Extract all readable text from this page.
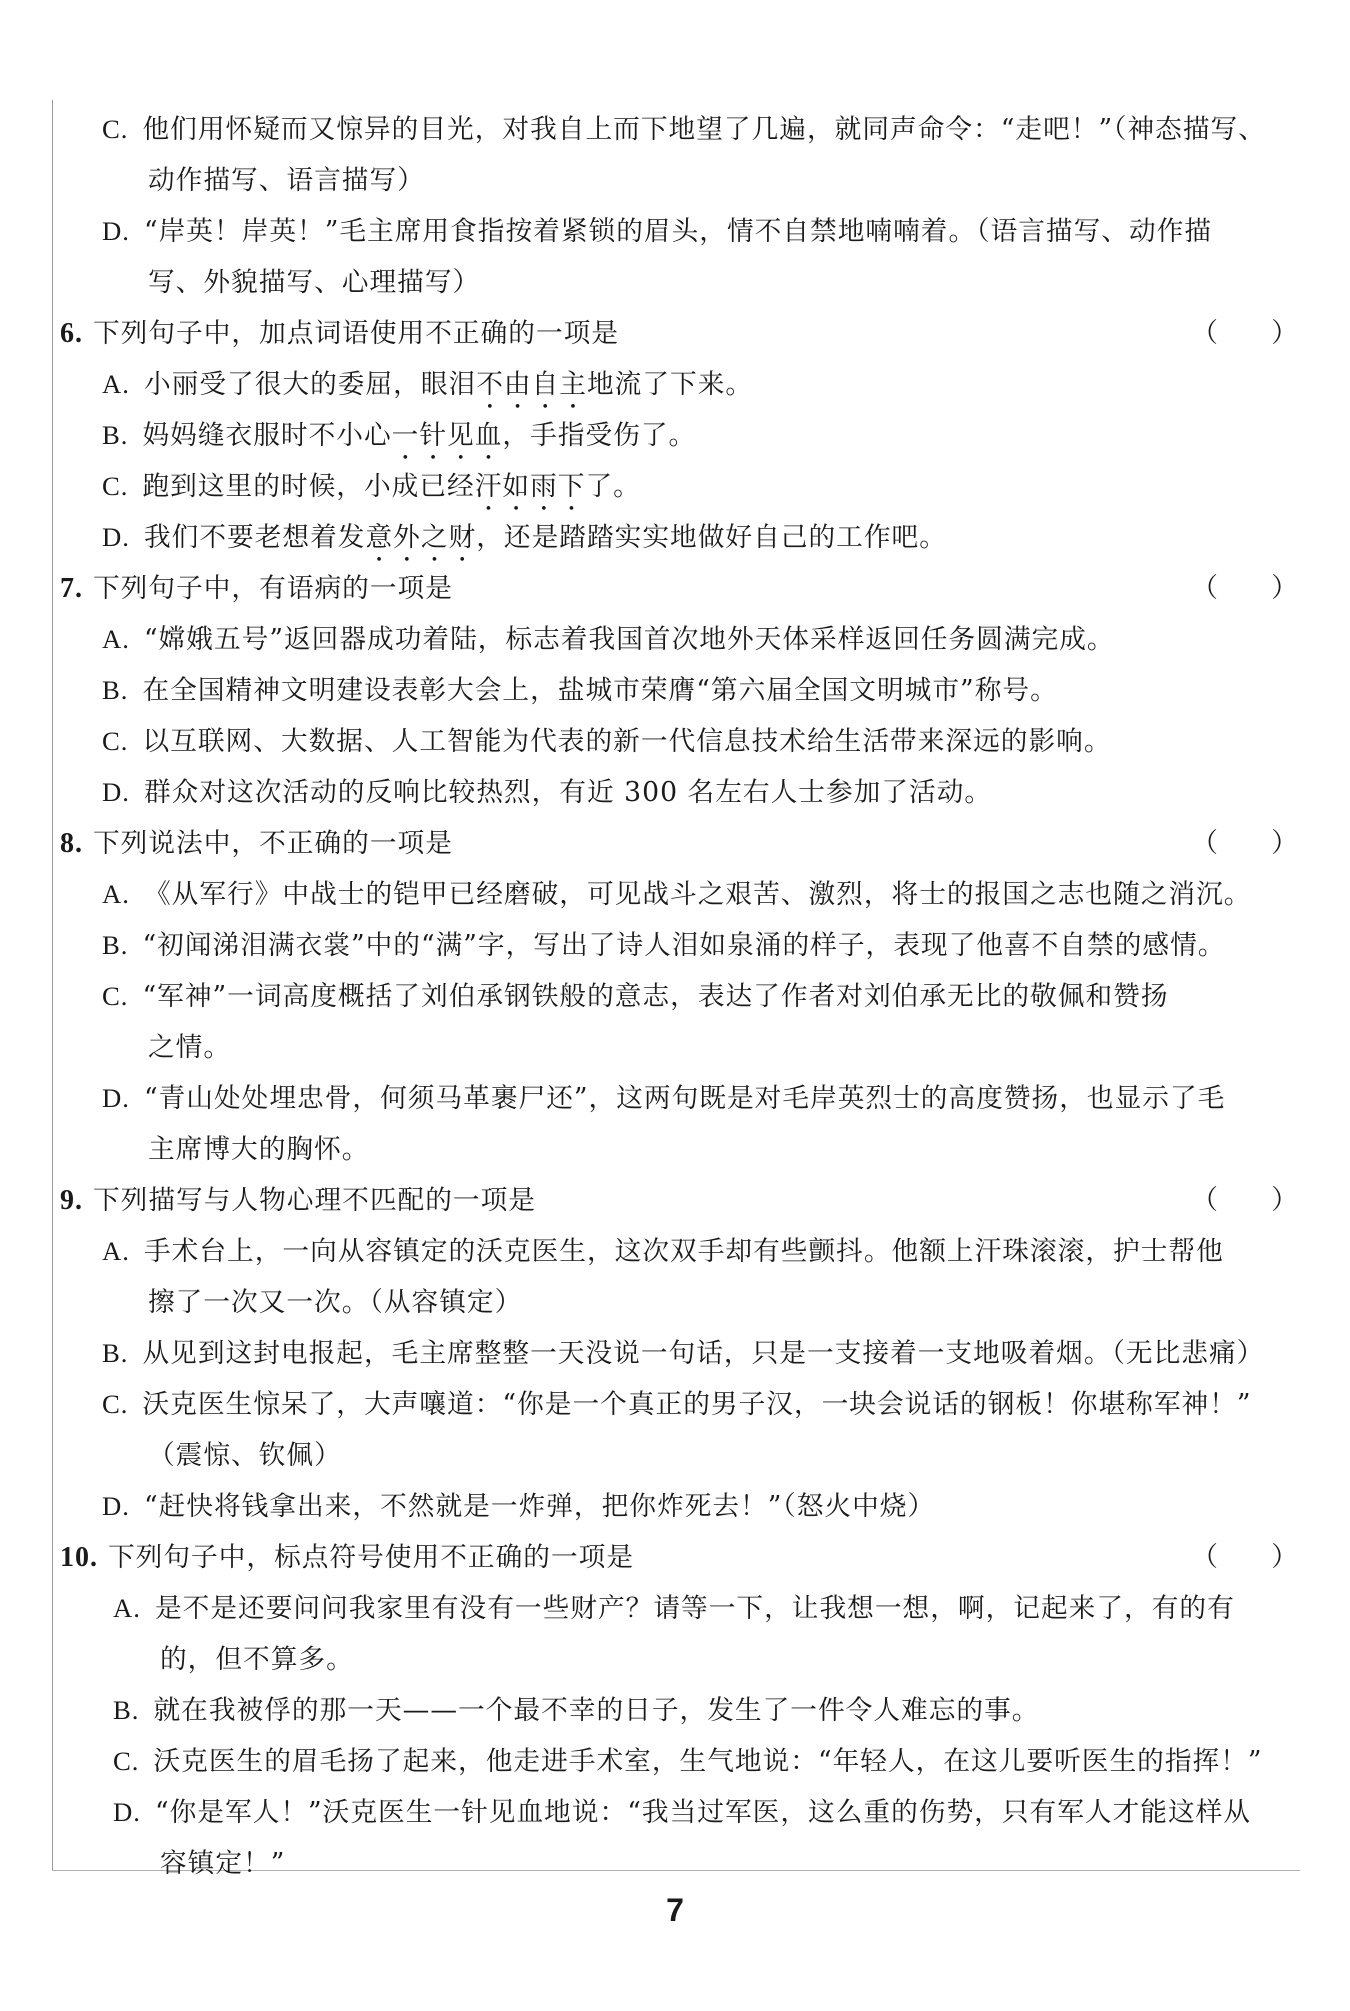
C. 他们用怀疑而又惊异的目光，对我自上而下地望了几遍，就同声命令：“走吧！”（神态描写、
动作描写、语言描写）
D. “岸英！岸英！”毛主席用食指按着紧锁的眉头，情不自禁地喃喃着。（语言描写、动作描
写、外貌描写、心理描写）
6. 下列句子中，加点词语使用不正确的一项是	（　　）
A. 小丽受了很大的委屈，眼泪不由自主地流了下来。
B. 妈妈缝衣服时不小心一针见血，手指受伤了。
C. 跑到这里的时候，小成已经汗如雨下了。
D. 我们不要老想着发意外之财，还是踏踏实实地做好自己的工作吧。
7. 下列句子中，有语病的一项是	（　　）
A. “嫦娥五号”返回器成功着陆，标志着我国首次地外天体采样返回任务圆满完成。
B. 在全国精神文明建设表彰大会上，盐城市荣膺“第六届全国文明城市”称号。
C. 以互联网、大数据、人工智能为代表的新一代信息技术给生活带来深远的影响。
D. 群众对这次活动的反响比较热烈，有近 300 名左右人士参加了活动。
8. 下列说法中，不正确的一项是	（　　）
A. 《从军行》中战士的铠甲已经磨破，可见战斗之艰苦、激烈，将士的报国之志也随之消沉。
B. “初闻涕泪满衣裳”中的“满”字，写出了诗人泪如泉涌的样子，表现了他喜不自禁的感情。
C. “军神”一词高度概括了刘伯承钢铁般的意志，表达了作者对刘伯承无比的敬佩和赞扬
之情。
D. “青山处处埋忠骨，何须马革裹尸还”，这两句既是对毛岸英烈士的高度赞扬，也显示了毛
主席博大的胸怀。
9. 下列描写与人物心理不匹配的一项是	（　　）
A. 手术台上，一向从容镇定的沃克医生，这次双手却有些颤抖。他额上汗珠滚滚，护士帮他
擦了一次又一次。（从容镇定）
B. 从见到这封电报起，毛主席整整一天没说一句话，只是一支接着一支地吸着烟。（无比悲痛）
C. 沃克医生惊呆了，大声嚷道：“你是一个真正的男子汉，一块会说话的钢板！你堪称军神！”
（震惊、钦佩）
D. “赶快将钱拿出来，不然就是一炸弹，把你炸死去！”（怒火中烧）
10. 下列句子中，标点符号使用不正确的一项是	（　　）
A. 是不是还要问问我家里有没有一些财产？请等一下，让我想一想，啊，记起来了，有的有
的，但不算多。
B. 就在我被俘的那一天——一个最不幸的日子，发生了一件令人难忘的事。
C. 沃克医生的眉毛扬了起来，他走进手术室，生气地说：“年轻人，在这儿要听医生的指挥！”
D. “你是军人！”沃克医生一针见血地说：“我当过军医，这么重的伤势，只有军人才能这样从
容镇定！”
7
